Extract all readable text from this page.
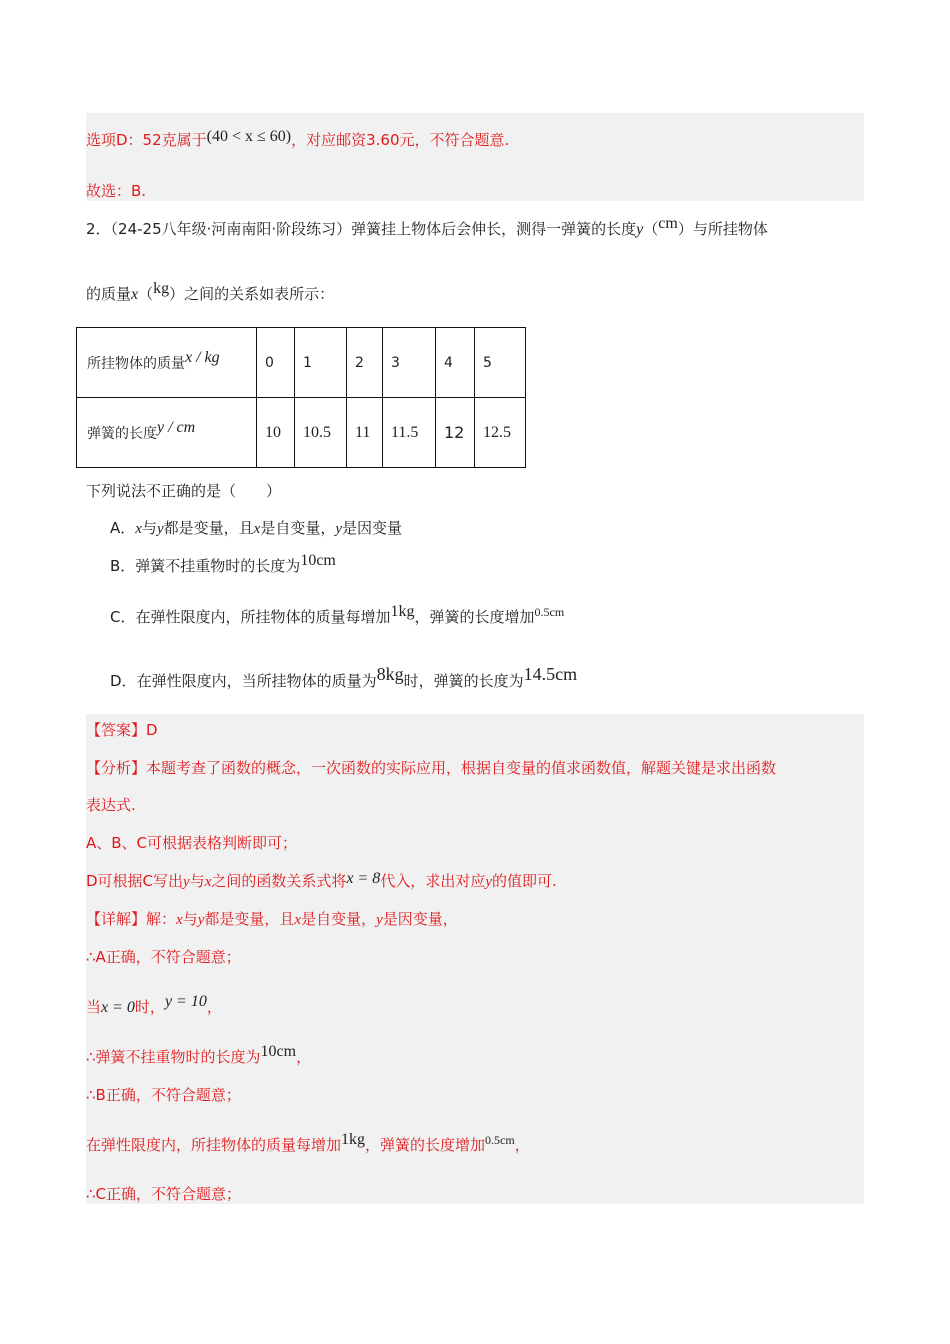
选项D：52克属于(40 < x ≤ 60)，对应邮资3.60元，不符合题意.
故选：B.
2．（24-25八年级·河南南阳·阶段练习）弹簧挂上物体后会伸长，测得一弹簧的长度y（cm）与所挂物体
的质量x（kg）之间的关系如表所示：
所挂物体的质量x / kg	0	1	2	3	4	5
弹簧的长度y / cm	10	10.5	11	11.5	12	12.5
下列说法不正确的是（　　）
A．x与y都是变量，且x是自变量，y是因变量
B．弹簧不挂重物时的长度为10cm
C．在弹性限度内，所挂物体的质量每增加1kg，弹簧的长度增加$^{0.5cm}$
D．在弹性限度内，当所挂物体的质量为8kg时，弹簧的长度为14.5cm
【答案】D
【分析】本题考查了函数的概念，一次函数的实际应用，根据自变量的值求函数值，解题关键是求出函数
表达式.
A、B、C可根据表格判断即可；
D可根据C写出y与x之间的函数关系式将x = 8代入，求出对应y的值即可.
【详解】解：x与y都是变量，且x是自变量，y是因变量，
∴A正确，不符合题意；
当x = 0时，y = 10，
∴弹簧不挂重物时的长度为10cm，
∴B正确，不符合题意；
在弹性限度内，所挂物体的质量每增加1kg，弹簧的长度增加$^{0.5cm}$，
∴C正确，不符合题意；
